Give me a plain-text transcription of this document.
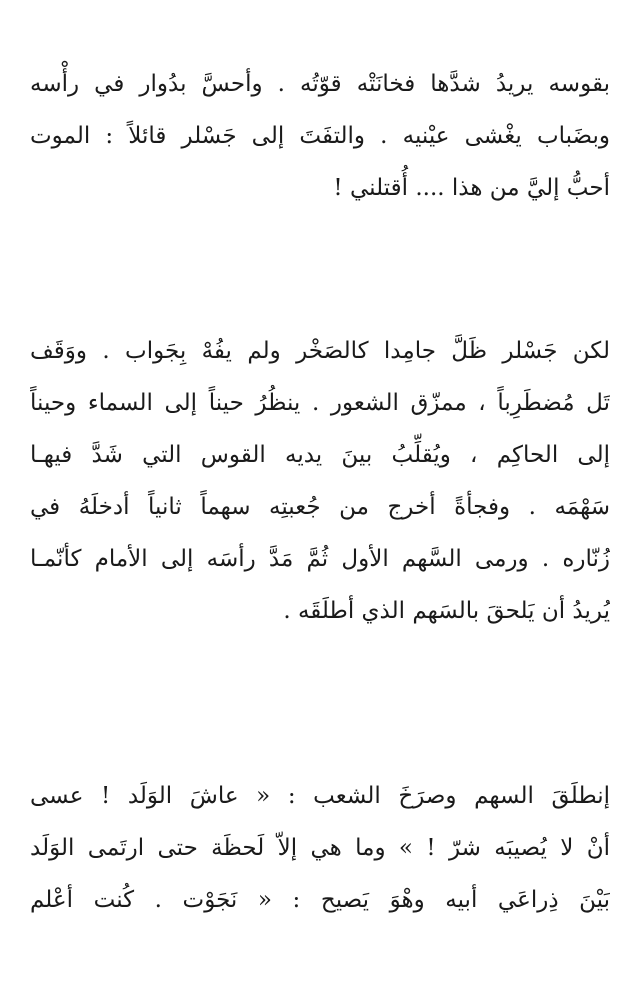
بقوسه يريدُ شدَّها فخانَتْه قوّتُه . وأحسَّ بدُوار في رأْسه
وبضَباب يغْشى عيْنيه . والتفَتَ إلى جَسْلر قائلاً : الموت
أحبُّ إليَّ من هذا .... أُقتلني !
لكن جَسْلر ظَلَّ جامِدا كالصَخْر ولم يفُهْ بِجَواب . ووَقَف
تَل مُضطَرِباً ، ممزّق الشعور . ينظُرُ حيناً إلى السماء وحيناً
إلى الحاكِم ، ويُقلِّبُ بينَ يديه القوس التي شَدَّ فيهـا
سَهْمَه . وفجأةً أخرج من جُعبتِه سهماً ثانياً أدخلَهُ في
زُنّاره . ورمى السَّهم الأول ثُمَّ مَدَّ رأسَه إلى الأمام كأنّمـا
يُريدُ أن يَلحقَ بالسَهم الذي أطلَقَه .
إنطلَقَ السهم وصرَخَ الشعب : « عاشَ الوَلَد ! عسى
أنْ لا يُصيبَه شرّ ! » وما هي إلاّ لَحظَة حتى ارتَمى الوَلَد
بَيْنَ ذِراعَي أبيه وهْوَ يَصيح : « نَجَوْت . كُنت أعْلم
